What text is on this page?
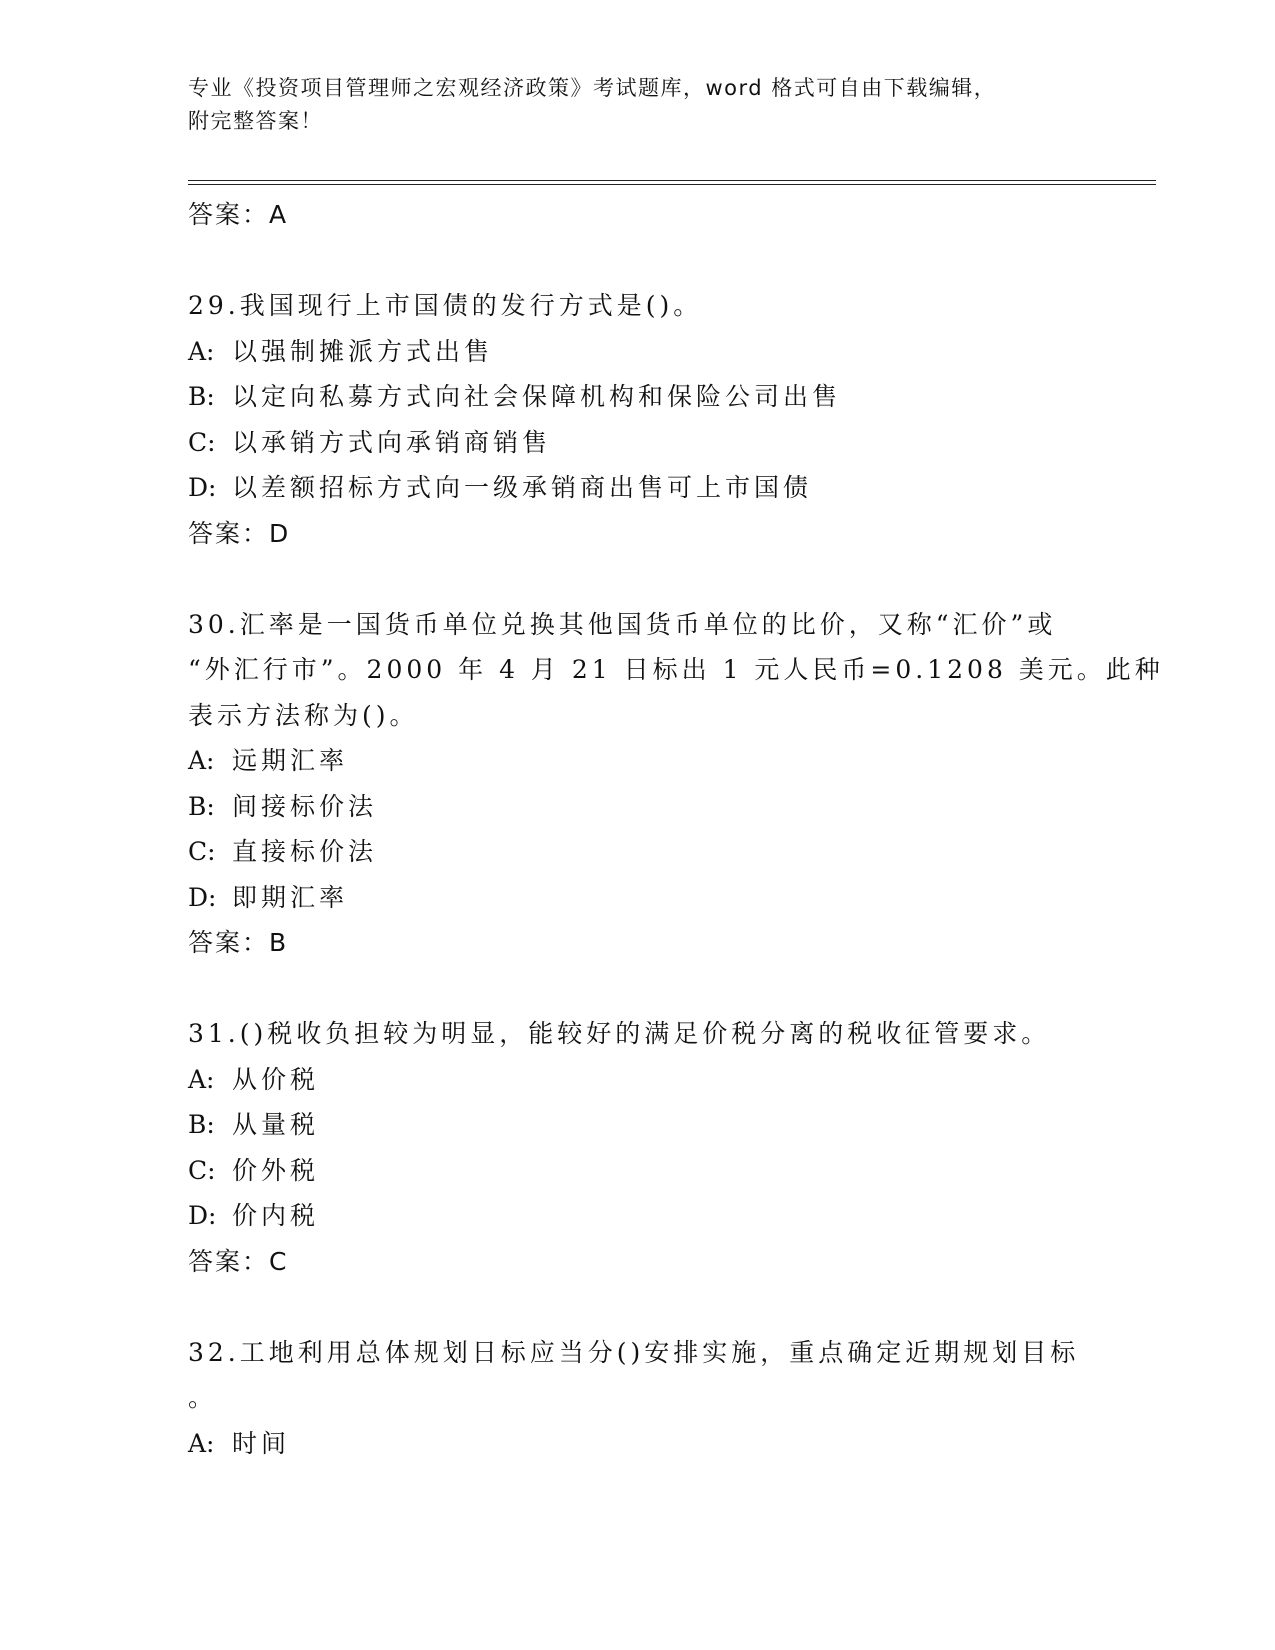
专业《投资项目管理师之宏观经济政策》考试题库，word 格式可自由下载编辑，
附完整答案！
答案：A
29.我国现行上市国债的发行方式是()。
A: 以强制摊派方式出售
B: 以定向私募方式向社会保障机构和保险公司出售
C: 以承销方式向承销商销售
D: 以差额招标方式向一级承销商出售可上市国债
答案：D
30.汇率是一国货币单位兑换其他国货币单位的比价，又称“汇价”或
“外汇行市”。2000 年 4 月 21 日标出 1 元人民币=0.1208 美元。此种
表示方法称为()。
A: 远期汇率
B: 间接标价法
C: 直接标价法
D: 即期汇率
答案：B
31.()税收负担较为明显，能较好的满足价税分离的税收征管要求。
A: 从价税
B: 从量税
C: 价外税
D: 价内税
答案：C
32.工地利用总体规划日标应当分()安排实施，重点确定近期规划目标
。
A: 时间
